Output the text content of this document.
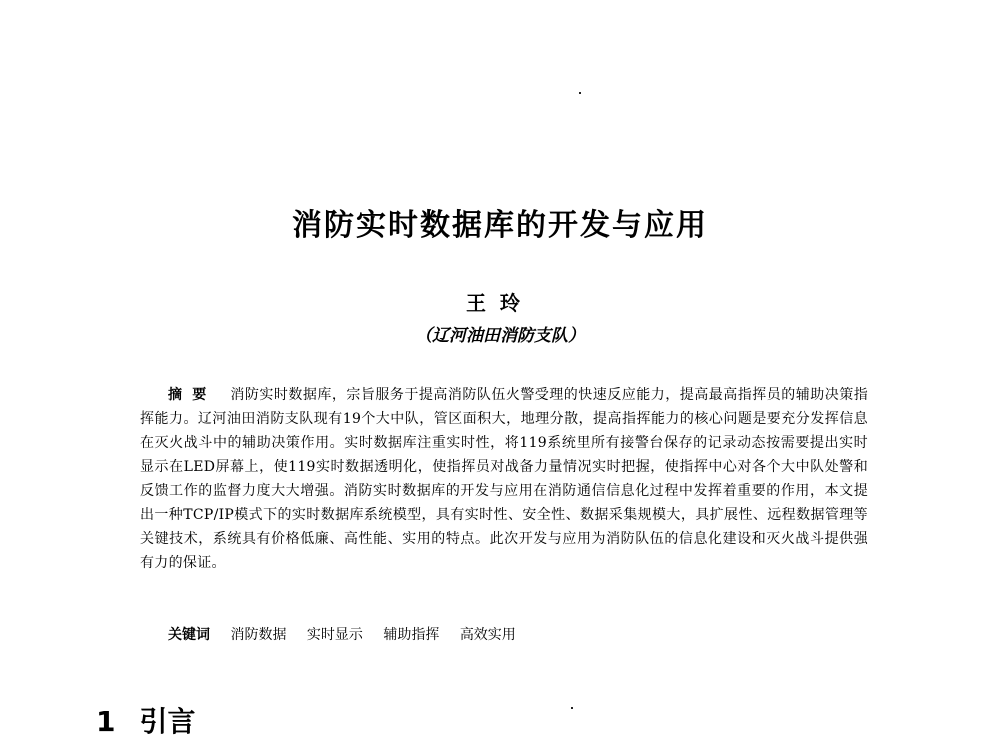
消防实时数据库的开发与应用
王玲
（辽河油田消防支队）
摘要 消防实时数据库，宗旨服务于提高消防队伍火警受理的快速反应能力，提高最高指挥员的辅助决策指挥能力。辽河油田消防支队现有19个大中队，管区面积大，地理分散，提高指挥能力的核心问题是要充分发挥信息在灭火战斗中的辅助决策作用。实时数据库注重实时性，将119系统里所有接警台保存的记录动态按需要提出实时显示在LED屏幕上，使119实时数据透明化，使指挥员对战备力量情况实时把握，使指挥中心对各个大中队处警和反馈工作的监督力度大大增强。消防实时数据库的开发与应用在消防通信信息化过程中发挥着重要的作用，本文提出一种TCP/IP模式下的实时数据库系统模型，具有实时性、安全性、数据采集规模大，具扩展性、远程数据管理等关键技术，系统具有价格低廉、高性能、实用的特点。此次开发与应用为消防队伍的信息化建设和灭火战斗提供强有力的保证。
关键词 消防数据 实时显示 辅助指挥 高效实用
1 引言
